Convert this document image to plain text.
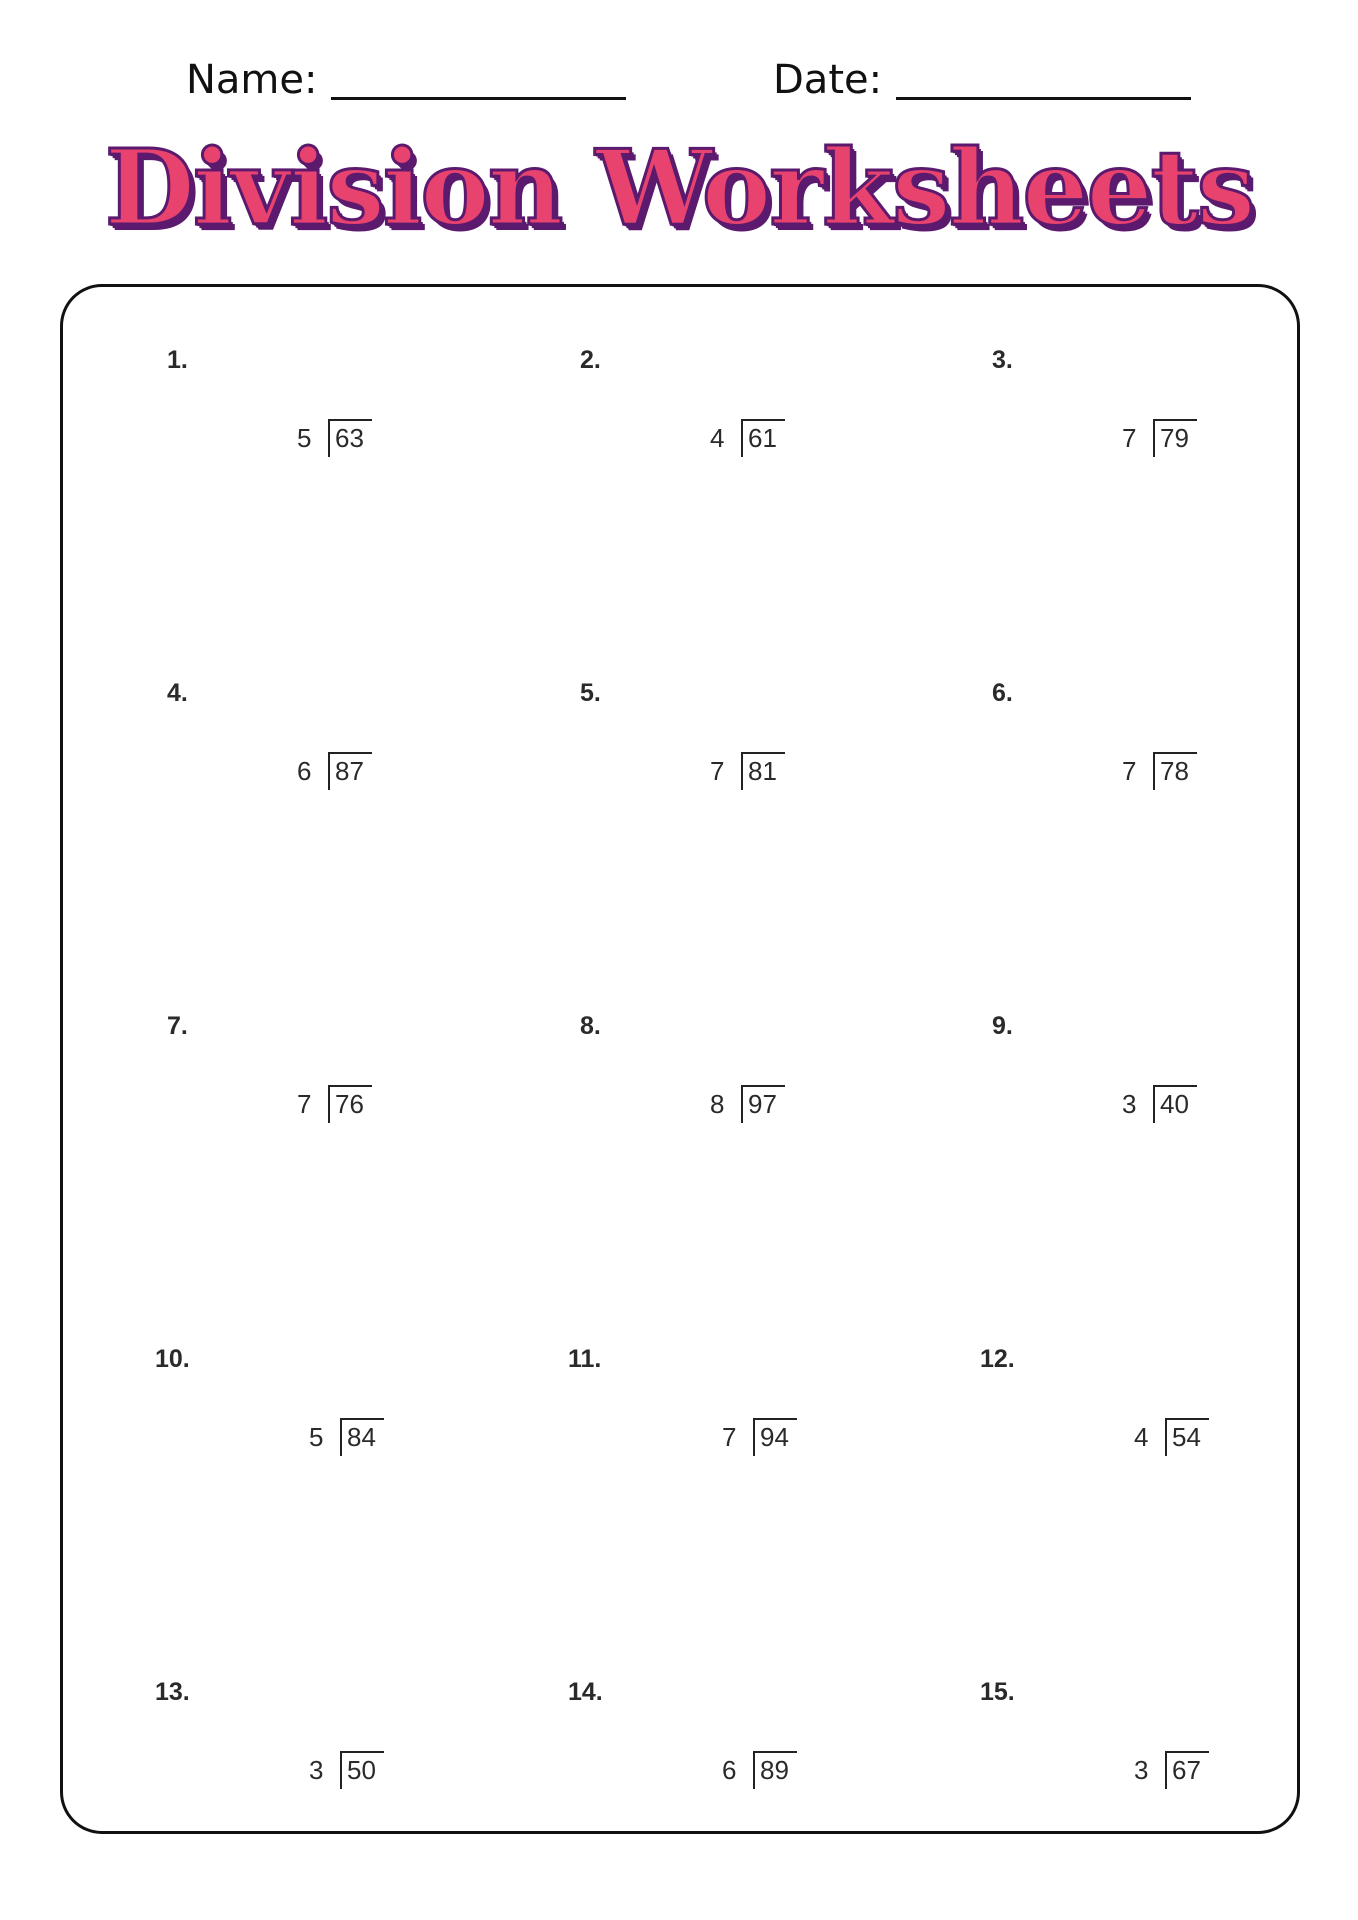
Name:	Date:
Division Worksheets
1.
5 63
2.
4 61
3.
7 79
4.
6 87
5.
7 81
6.
7 78
7.
7 76
8.
8 97
9.
3 40
10.
5 84
11.
7 94
12.
4 54
13.
3 50
14.
6 89
15.
3 67
